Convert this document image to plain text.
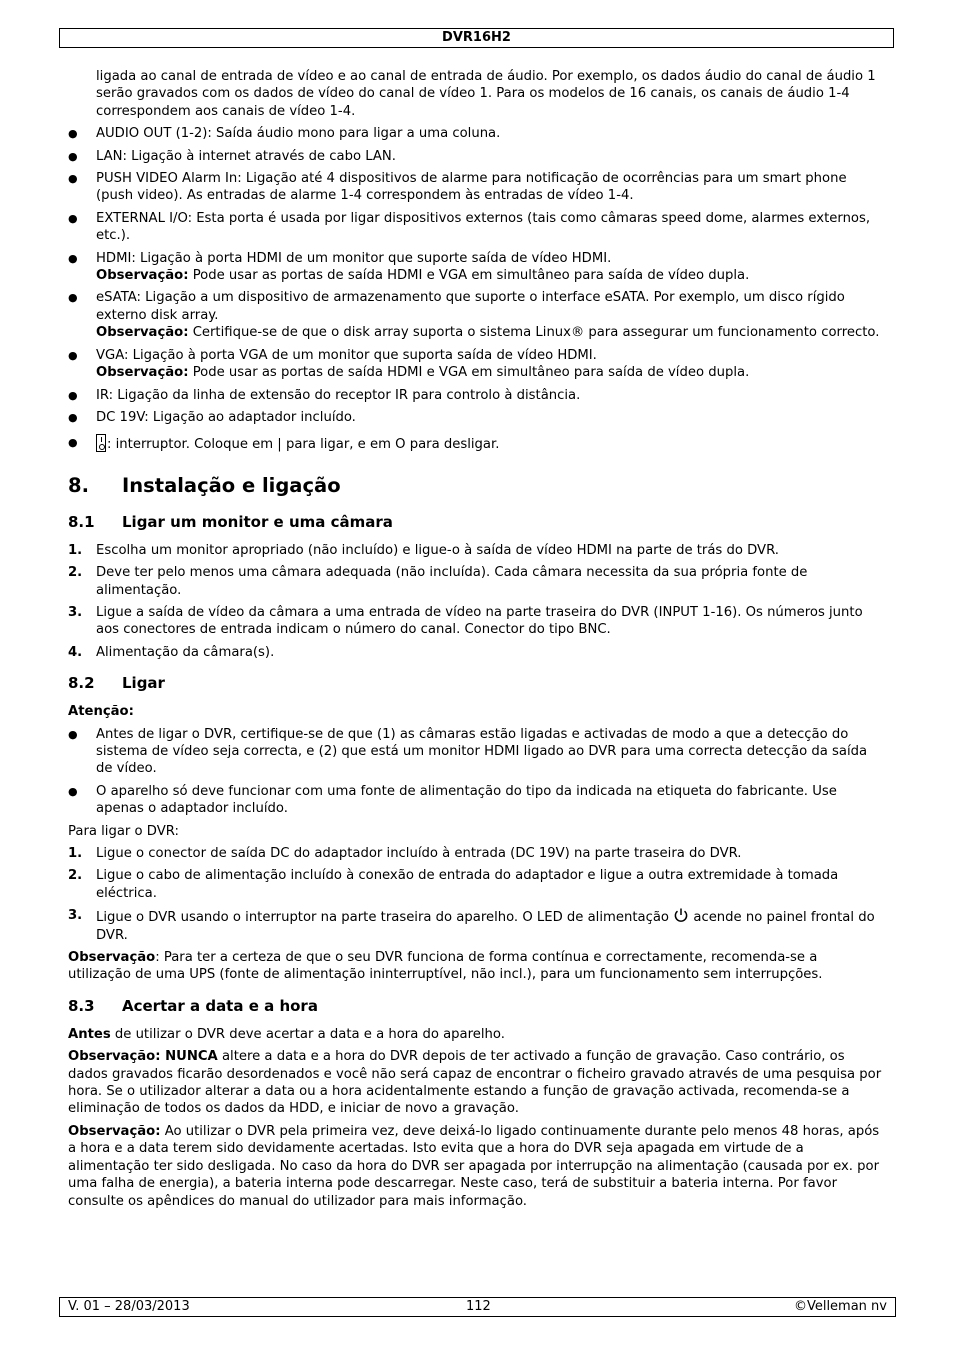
DVR16H2

ligada ao canal de entrada de vídeo e ao canal de entrada de áudio. Por exemplo, os dados áudio do canal de áudio 1 serão gravados com os dados de vídeo do canal de vídeo 1. Para os modelos de 16 canais, os canais de áudio 1-4 correspondem aos canais de vídeo 1-4.

●	AUDIO OUT (1-2): Saída áudio mono para ligar a uma coluna.
●	LAN: Ligação à internet através de cabo LAN.
●	PUSH VIDEO Alarm In: Ligação até 4 dispositivos de alarme para notificação de ocorrências para um smart phone (push video). As entradas de alarme 1-4 correspondem às entradas de vídeo 1-4.
●	EXTERNAL I/O: Esta porta é usada por ligar dispositivos externos (tais como câmaras speed dome, alarmes externos, etc.).
●	HDMI: Ligação à porta HDMI de um monitor que suporte saída de vídeo HDMI.
Observação: Pode usar as portas de saída HDMI e VGA em simultâneo para saída de vídeo dupla.
●	eSATA: Ligação a um dispositivo de armazenamento que suporte o interface eSATA. Por exemplo, um disco rígido externo disk array.
Observação: Certifique-se de que o disk array suporta o sistema Linux® para assegurar um funcionamento correcto.
●	VGA: Ligação à porta VGA de um monitor que suporta saída de vídeo HDMI.
Observação: Pode usar as portas de saída HDMI e VGA em simultâneo para saída de vídeo dupla.
●	IR: Ligação da linha de extensão do receptor IR para controlo à distância.
●	DC 19V: Ligação ao adaptador incluído.
●	: interruptor. Coloque em | para ligar, e em O para desligar.
8. Instalação e ligação
8.1 Ligar um monitor e uma câmara
1.	Escolha um monitor apropriado (não incluído) e ligue-o à saída de vídeo HDMI na parte de trás do DVR.
2.	Deve ter pelo menos uma câmara adequada (não incluída). Cada câmara necessita da sua própria fonte de alimentação.
3.	Ligue a saída de vídeo da câmara a uma entrada de vídeo na parte traseira do DVR (INPUT 1-16). Os números junto aos conectores de entrada indicam o número do canal. Conector do tipo BNC.
4.	Alimentação da câmara(s).
8.2 Ligar

Atenção:

●	Antes de ligar o DVR, certifique-se de que (1) as câmaras estão ligadas e activadas de modo a que a detecção do sistema de vídeo seja correcta, e (2) que está um monitor HDMI ligado ao DVR para uma correcta detecção da saída de vídeo.
●	O aparelho só deve funcionar com uma fonte de alimentação do tipo da indicada na etiqueta do fabricante. Use apenas o adaptador incluído.

Para ligar o DVR:

1.	Ligue o conector de saída DC do adaptador incluído à entrada (DC 19V) na parte traseira do DVR.
2.	Ligue o cabo de alimentação incluído à conexão de entrada do adaptador e ligue a outra extremidade à tomada eléctrica.
3.	Ligue o DVR usando o interruptor na parte traseira do aparelho. O LED de alimentação  acende no painel frontal do DVR.

Observação: Para ter a certeza de que o seu DVR funciona de forma contínua e correctamente, recomenda-se a utilização de uma UPS (fonte de alimentação ininterruptível, não incl.), para um funcionamento sem interrupções.

8.3 Acertar a data e a hora

Antes de utilizar o DVR deve acertar a data e a hora do aparelho.

Observação: NUNCA altere a data e a hora do DVR depois de ter activado a função de gravação. Caso contrário, os dados gravados ficarão desordenados e você não será capaz de encontrar o ficheiro gravado através de uma pesquisa por hora. Se o utilizador alterar a data ou a hora acidentalmente estando a função de gravação activada, recomenda-se a eliminação de todos os dados da HDD, e iniciar de novo a gravação.

Observação: Ao utilizar o DVR pela primeira vez, deve deixá-lo ligado continuamente durante pelo menos 48 horas, após a hora e a data terem sido devidamente acertadas. Isto evita que a hora do DVR seja apagada em virtude de a alimentação ter sido desligada. No caso da hora do DVR ser apagada por interrupção na alimentação (causada por ex. por uma falha de energia), a bateria interna pode descarregar. Neste caso, terá de substituir a bateria interna. Por favor consulte os apêndices do manual do utilizador para mais informação.

V. 01 – 28/03/2013	112	©Velleman nv
